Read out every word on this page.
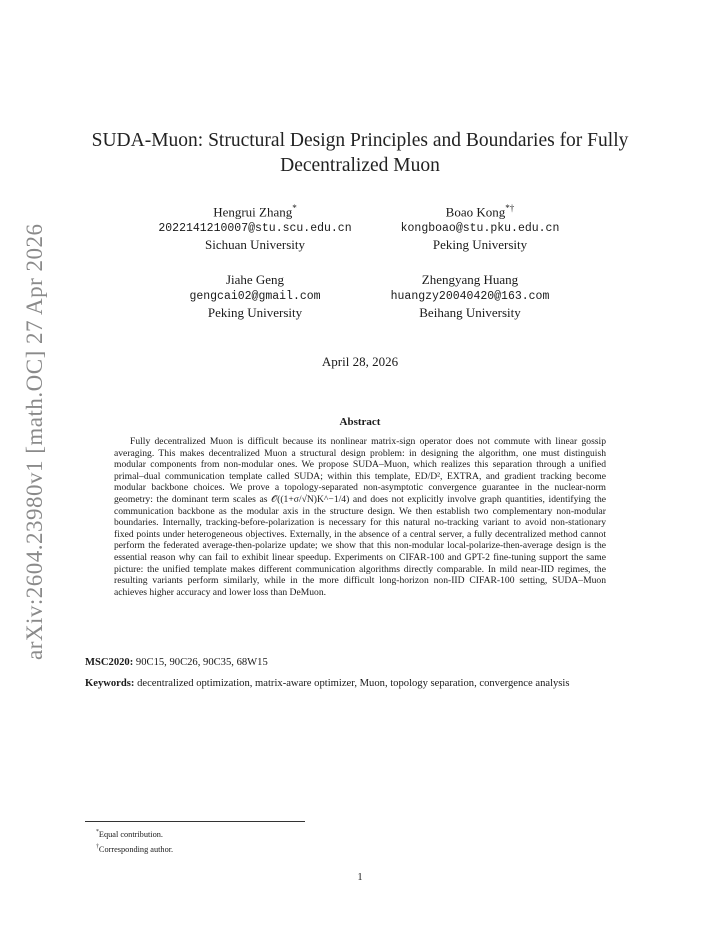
arXiv:2604.23980v1 [math.OC] 27 Apr 2026
SUDA-Muon: Structural Design Principles and Boundaries for Fully Decentralized Muon
Hengrui Zhang*
2022141210007@stu.scu.edu.cn
Sichuan University
Boao Kong*†
kongboao@stu.pku.edu.cn
Peking University
Jiahe Geng
gengcai02@gmail.com
Peking University
Zhengyang Huang
huangzy20040420@163.com
Beihang University
April 28, 2026
Abstract
Fully decentralized Muon is difficult because its nonlinear matrix-sign operator does not commute with linear gossip averaging. This makes decentralized Muon a structural design problem: in designing the algorithm, one must distinguish modular components from non-modular ones. We propose SUDA–Muon, which realizes this separation through a unified primal–dual communication template called SUDA; within this template, ED/D², EXTRA, and gradient tracking become modular backbone choices. We prove a topology-separated non-asymptotic convergence guarantee in the nuclear-norm geometry: the dominant term scales as 𝒪((1+σ/√N)K^−1/4) and does not explicitly involve graph quantities, identifying the communication backbone as the modular axis in the structure design. We then establish two complementary non-modular boundaries. Internally, tracking-before-polarization is necessary for this natural no-tracking variant to avoid non-stationary fixed points under heterogeneous objectives. Externally, in the absence of a central server, a fully decentralized method cannot perform the federated average-then-polarize update; we show that this non-modular local-polarize-then-average design is the essential reason why can fail to exhibit linear speedup. Experiments on CIFAR-100 and GPT-2 fine-tuning support the same picture: the unified template makes different communication algorithms directly comparable. In mild near-IID regimes, the resulting variants perform similarly, while in the more difficult long-horizon non-IID CIFAR-100 setting, SUDA–Muon achieves higher accuracy and lower loss than DeMuon.
MSC2020: 90C15, 90C26, 90C35, 68W15
Keywords: decentralized optimization, matrix-aware optimizer, Muon, topology separation, convergence analysis
*Equal contribution.
†Corresponding author.
1
